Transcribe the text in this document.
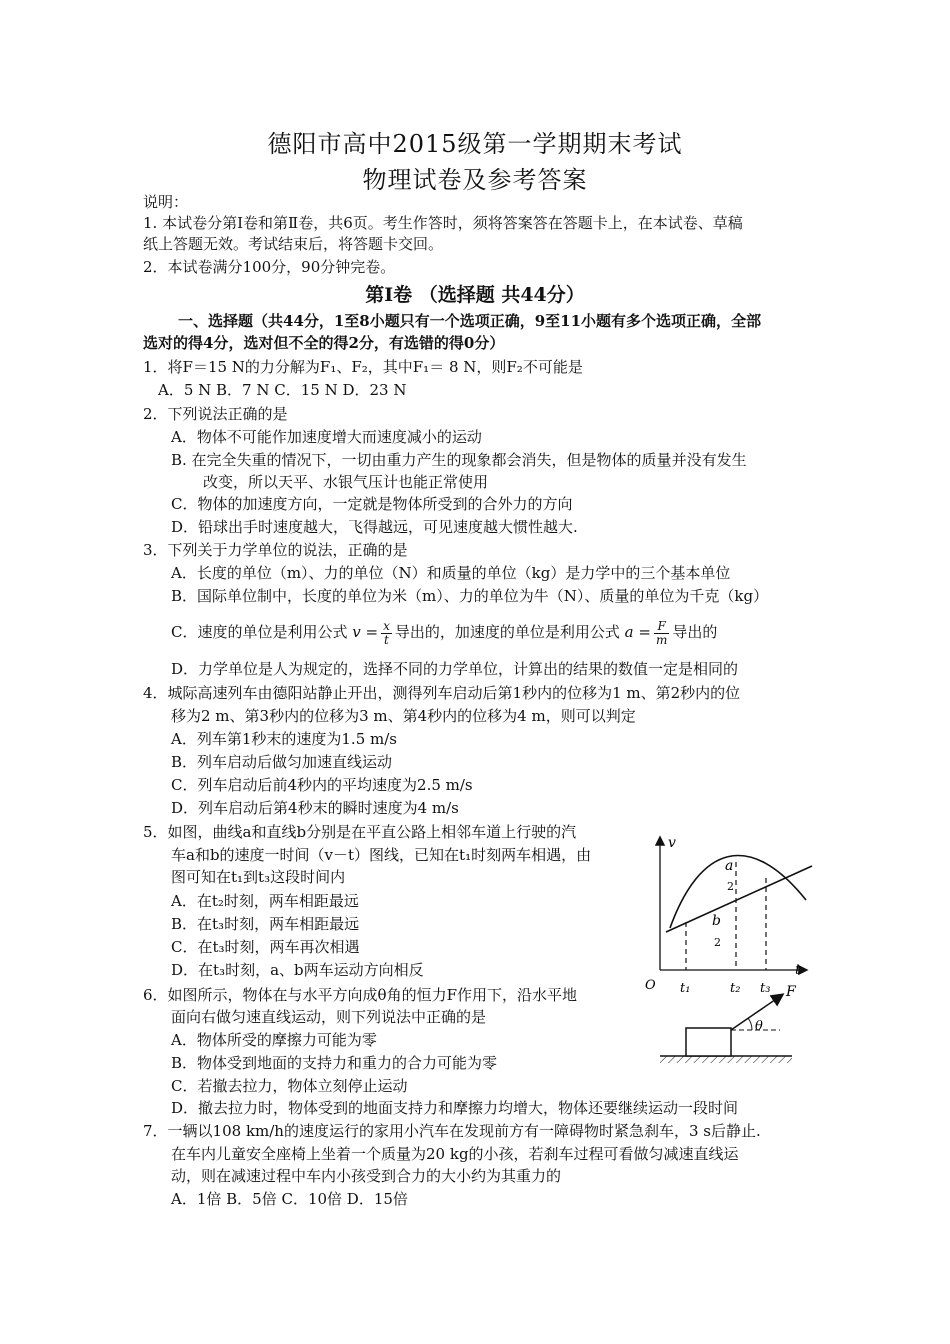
德阳市高中2015级第一学期期末考试
物理试卷及参考答案
说明：
1. 本试卷分第Ⅰ卷和第Ⅱ卷，共6页。考生作答时，须将答案答在答题卡上，在本试卷、草稿
纸上答题无效。考试结束后，将答题卡交回。
2．本试卷满分100分，90分钟完卷。
第Ⅰ卷 （选择题 共44分）
一、选择题（共44分，1至8小题只有一个选项正确，9至11小题有多个选项正确，全部
选对的得4分，选对但不全的得2分，有选错的得0分）
1．将F＝15 N的力分解为F₁、F₂，其中F₁＝ 8 N，则F₂不可能是
A．5 N B．7 N C．15 N D．23 N
2．下列说法正确的是
A．物体不可能作加速度增大而速度减小的运动
B. 在完全失重的情况下，一切由重力产生的现象都会消失，但是物体的质量并没有发生
改变，所以天平、水银气压计也能正常使用
C．物体的加速度方向，一定就是物体所受到的合外力的方向
D．铅球出手时速度越大，飞得越远，可见速度越大惯性越大.
3．下列关于力学单位的说法，正确的是
A．长度的单位（m）、力的单位（N）和质量的单位（kg）是力学中的三个基本单位
B．国际单位制中，长度的单位为米（m）、力的单位为牛（N）、质量的单位为千克（kg）
C．速度的单位是利用公式 $v = \frac{x}{t}$ 导出的，加速度的单位是利用公式 $a = \frac{F}{m}$ 导出的
D．力学单位是人为规定的，选择不同的力学单位，计算出的结果的数值一定是相同的
4．城际高速列车由德阳站静止开出，测得列车启动后第1秒内的位移为1 m、第2秒内的位
移为2 m、第3秒内的位移为3 m、第4秒内的位移为4 m，则可以判定
A．列车第1秒末的速度为1.5 m/s
B．列车启动后做匀加速直线运动
C．列车启动后前4秒内的平均速度为2.5 m/s
D．列车启动后第4秒末的瞬时速度为4 m/s
5．如图，曲线a和直线b分别是在平直公路上相邻车道上行驶的汽
车a和b的速度一时间（v－t）图线，已知在t₁时刻两车相遇，由
图可知在t₁到t₃这段时间内
A．在t₂时刻，两车相距最远
B．在t₃时刻，两车相距最远
C．在t₃时刻，两车再次相遇
D．在t₃时刻，a、b两车运动方向相反
v
t
O
a
2
b
2
t₁	t₂ t₃
6．如图所示，物体在与水平方向成θ角的恒力F作用下，沿水平地
面向右做匀速直线运动，则下列说法中正确的是
A．物体所受的摩擦力可能为零
B．物体受到地面的支持力和重力的合力可能为零
C．若撤去拉力，物体立刻停止运动
D．撤去拉力时，物体受到的地面支持力和摩擦力均增大，物体还要继续运动一段时间
F
θ
7．一辆以108 km/h的速度运行的家用小汽车在发现前方有一障碍物时紧急刹车，3 s后静止.
在车内儿童安全座椅上坐着一个质量为20 kg的小孩，若刹车过程可看做匀减速直线运
动，则在减速过程中车内小孩受到合力的大小约为其重力的
A．1倍 B．5倍 C．10倍 D．15倍
